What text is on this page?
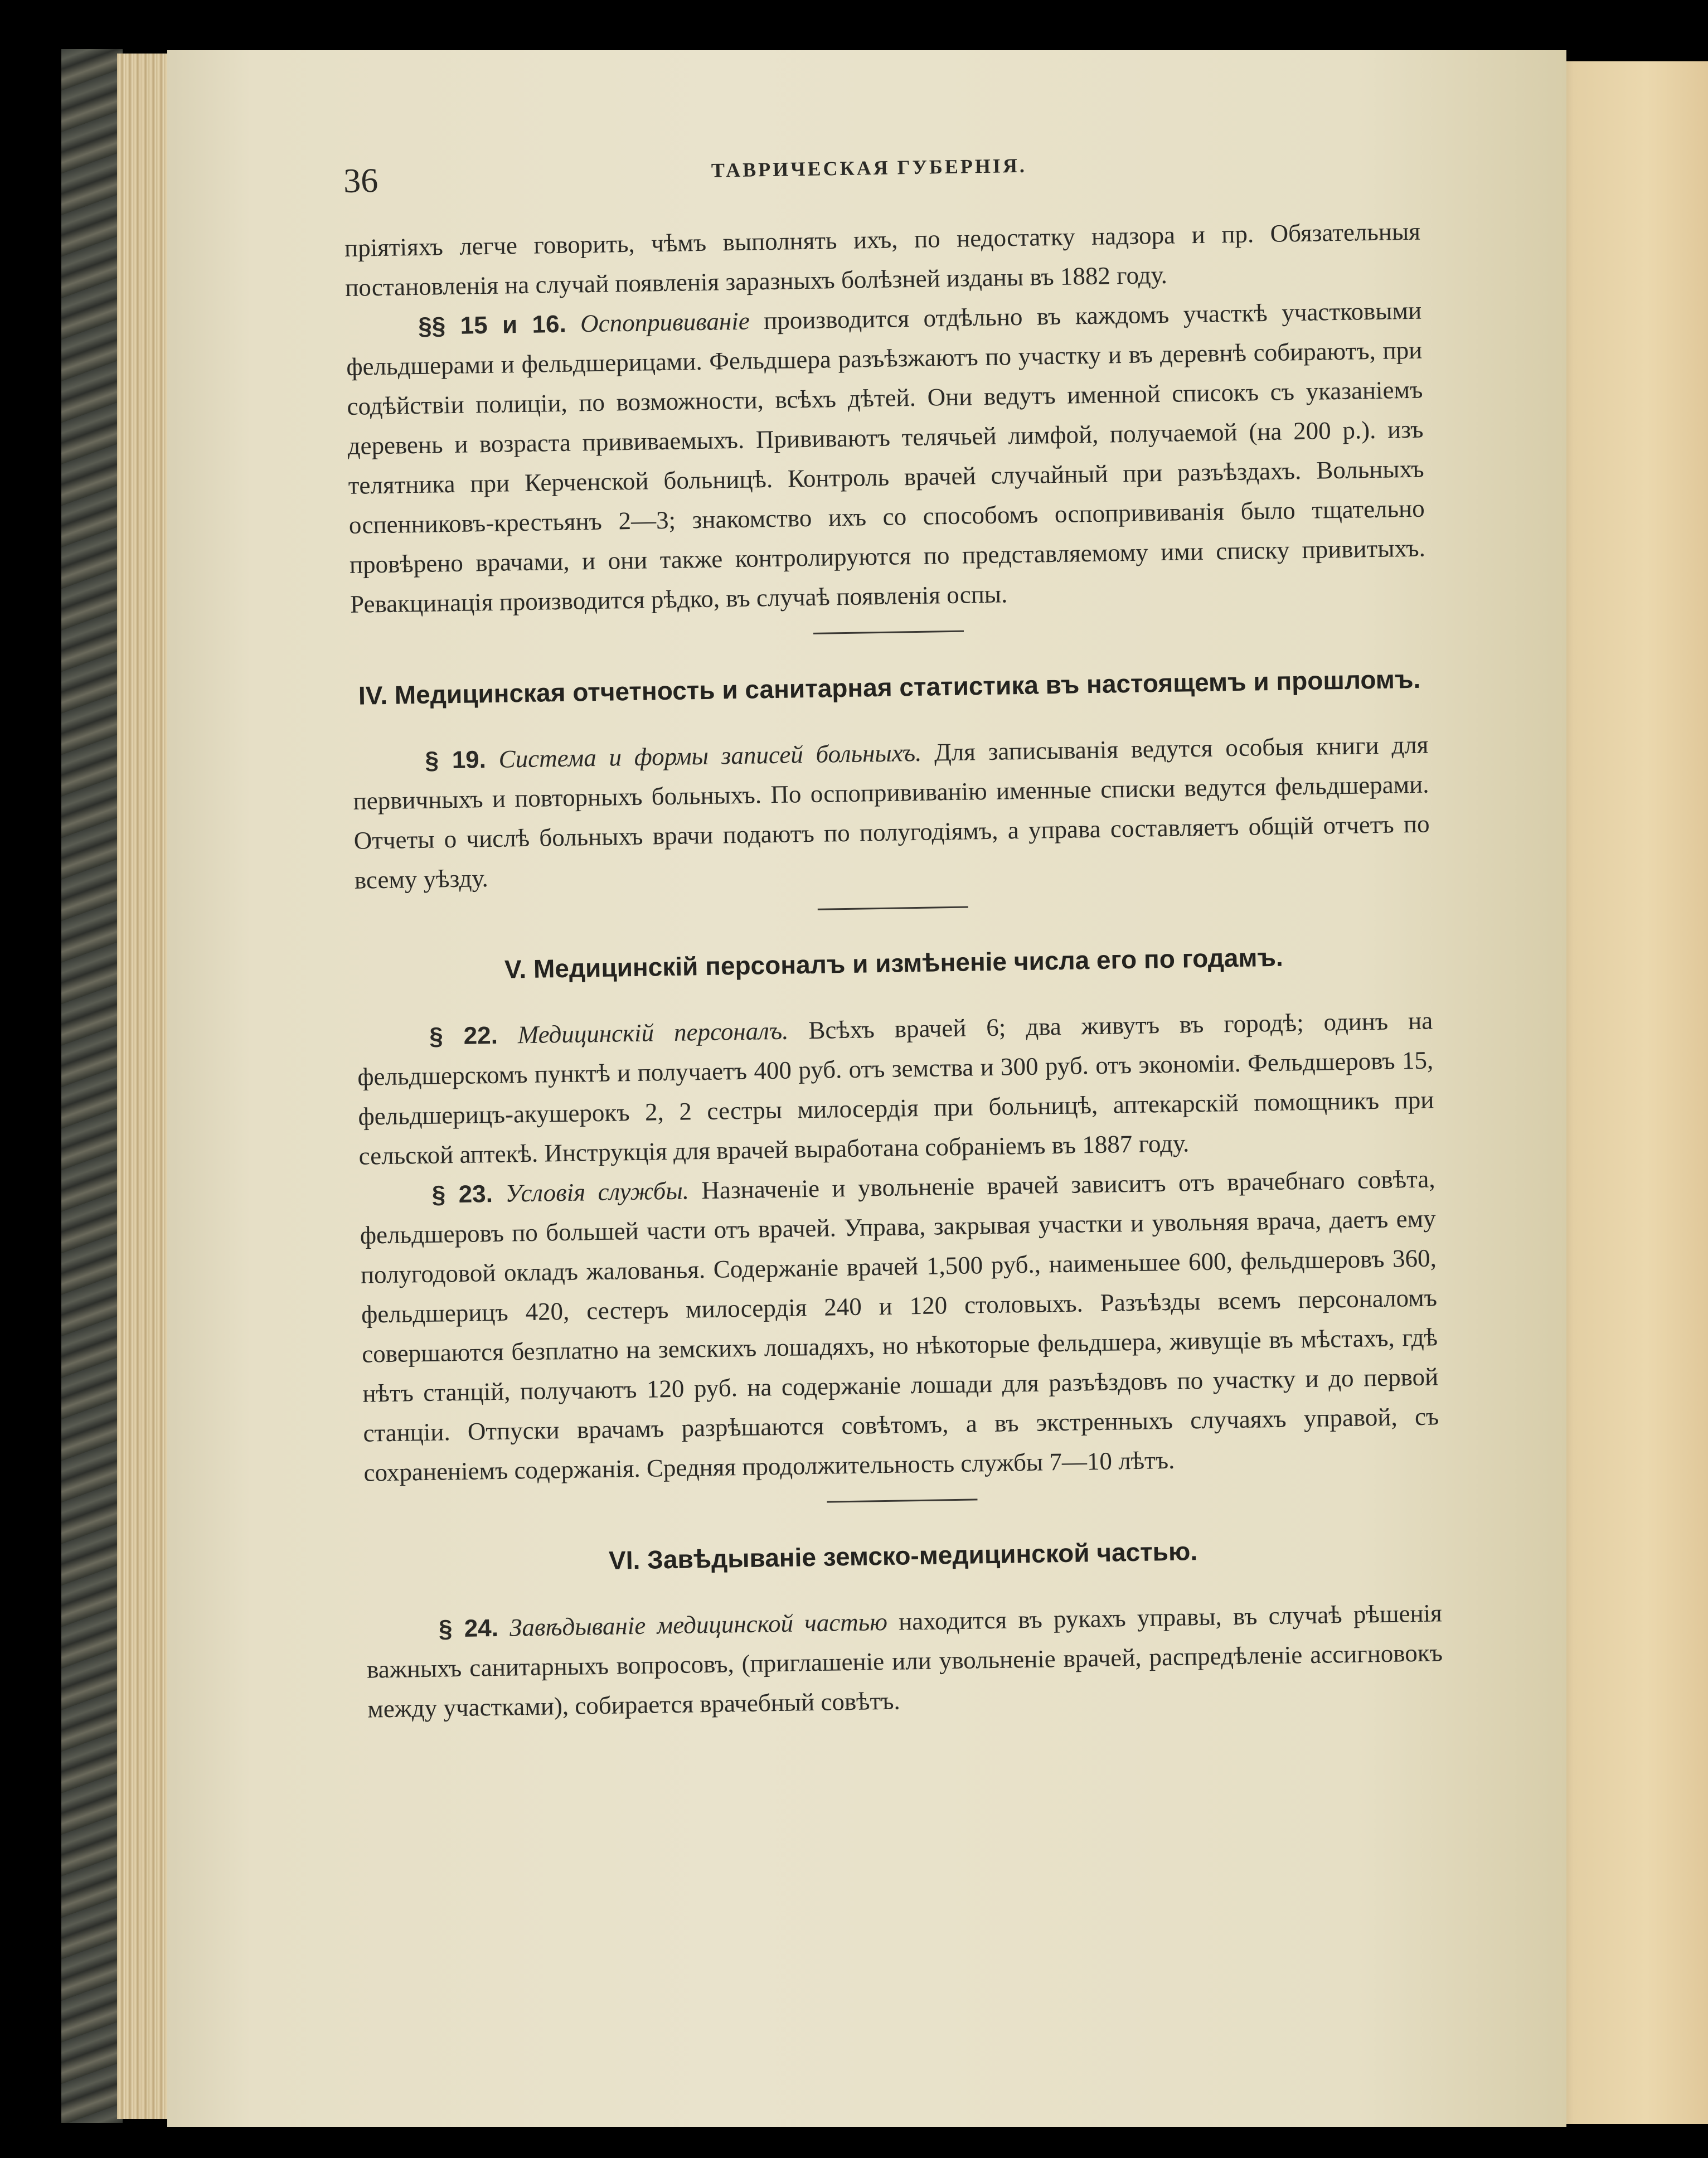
36	ТАВРИЧЕСКАЯ ГУБЕРНІЯ.

пріятіяхъ легче говорить, чѣмъ выполнять ихъ, по недостатку надзора и пр. Обязательныя постановленія на случай появленія заразныхъ болѣзней изданы въ 1882 году.

§§ 15 и 16. Оспопрививаніе производится отдѣльно въ каждомъ участкѣ участковыми фельдшерами и фельдшерицами. Фельдшера разъѣзжаютъ по участку и въ деревнѣ собираютъ, при содѣйствіи полиціи, по возможности, всѣхъ дѣтей. Они ведутъ именной списокъ съ указаніемъ деревень и возраста прививаемыхъ. Прививаютъ телячьей лимфой, получаемой (на 200 р.). изъ телятника при Керченской больницѣ. Контроль врачей случайный при разъѣздахъ. Вольныхъ оспенниковъ-крестьянъ 2—3; знакомство ихъ со способомъ оспопрививанія было тщательно провѣрено врачами, и они также контролируются по представляемому ими списку привитыхъ. Ревакцинація производится рѣдко, въ случаѣ появленія оспы.

IV. Медицинская отчетность и санитарная статистика въ настоящемъ и прошломъ.

§ 19. Система и формы записей больныхъ. Для записыванія ведутся особыя книги для первичныхъ и повторныхъ больныхъ. По оспопрививанію именные списки ведутся фельдшерами. Отчеты о числѣ больныхъ врачи подаютъ по полугодіямъ, а управа составляетъ общій отчетъ по всему уѣзду.

V. Медицинскій персоналъ и измѣненіе числа его по годамъ.

§ 22. Медицинскій персоналъ. Всѣхъ врачей 6; два живутъ въ городѣ; одинъ на фельдшерскомъ пунктѣ и получаетъ 400 руб. отъ земства и 300 руб. отъ экономіи. Фельдшеровъ 15, фельдшерицъ-акушерокъ 2, 2 сестры милосердія при больницѣ, аптекарскій помощникъ при сельской аптекѣ. Инструкція для врачей выработана собраніемъ въ 1887 году.

§ 23. Условія службы. Назначеніе и увольненіе врачей зависитъ отъ врачебнаго совѣта, фельдшеровъ по большей части отъ врачей. Управа, закрывая участки и увольняя врача, даетъ ему полугодовой окладъ жалованья. Содержаніе врачей 1,500 руб., наименьшее 600, фельдшеровъ 360, фельдшерицъ 420, сестеръ милосердія 240 и 120 столовыхъ. Разъѣзды всемъ персоналомъ совершаются безплатно на земскихъ лошадяхъ, но нѣкоторые фельдшера, живущіе въ мѣстахъ, гдѣ нѣтъ станцій, получаютъ 120 руб. на содержаніе лошади для разъѣздовъ по участку и до первой станціи. Отпуски врачамъ разрѣшаются совѣтомъ, а въ экстренныхъ случаяхъ управой, съ сохраненіемъ содержанія. Средняя продолжительность службы 7—10 лѣтъ.

VI. Завѣдываніе земско-медицинской частью.

§ 24. Завѣдываніе медицинской частью находится въ рукахъ управы, въ случаѣ рѣшенія важныхъ санитарныхъ вопросовъ, (приглашеніе или увольненіе врачей, распредѣленіе ассигновокъ между участками), собирается врачебный совѣтъ.
